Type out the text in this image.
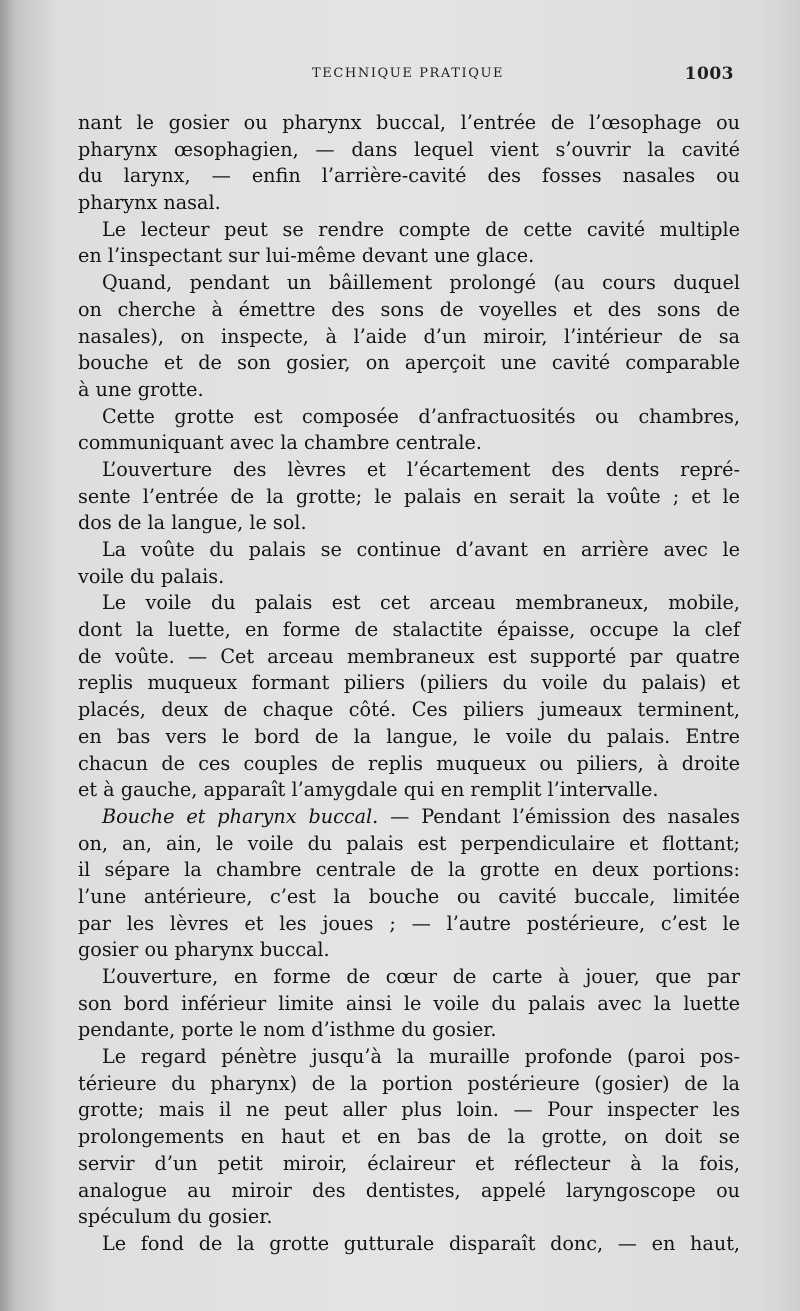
TECHNIQUE PRATIQUE	1003
nant le gosier ou pharynx buccal, l’entrée de l’œsophage ou
pharynx œsophagien, — dans lequel vient s’ouvrir la cavité
du larynx, — enfin l’arrière-cavité des fosses nasales ou
pharynx nasal.
Le lecteur peut se rendre compte de cette cavité multiple
en l’inspectant sur lui-même devant une glace.
Quand, pendant un bâillement prolongé (au cours duquel
on cherche à émettre des sons de voyelles et des sons de
nasales), on inspecte, à l’aide d’un miroir, l’intérieur de sa
bouche et de son gosier, on aperçoit une cavité comparable
à une grotte.
Cette grotte est composée d’anfractuosités ou chambres,
communiquant avec la chambre centrale.
L’ouverture des lèvres et l’écartement des dents repré-
sente l’entrée de la grotte; le palais en serait la voûte ; et le
dos de la langue, le sol.
La voûte du palais se continue d’avant en arrière avec le
voile du palais.
Le voile du palais est cet arceau membraneux, mobile,
dont la luette, en forme de stalactite épaisse, occupe la clef
de voûte. — Cet arceau membraneux est supporté par quatre
replis muqueux formant piliers (piliers du voile du palais) et
placés, deux de chaque côté. Ces piliers jumeaux terminent,
en bas vers le bord de la langue, le voile du palais. Entre
chacun de ces couples de replis muqueux ou piliers, à droite
et à gauche, apparaît l’amygdale qui en remplit l’intervalle.
Bouche et pharynx buccal. — Pendant l’émission des nasales
on, an, ain, le voile du palais est perpendiculaire et flottant;
il sépare la chambre centrale de la grotte en deux portions:
l’une antérieure, c’est la bouche ou cavité buccale, limitée
par les lèvres et les joues ; — l’autre postérieure, c’est le
gosier ou pharynx buccal.
L’ouverture, en forme de cœur de carte à jouer, que par
son bord inférieur limite ainsi le voile du palais avec la luette
pendante, porte le nom d’isthme du gosier.
Le regard pénètre jusqu’à la muraille profonde (paroi pos-
térieure du pharynx) de la portion postérieure (gosier) de la
grotte; mais il ne peut aller plus loin. — Pour inspecter les
prolongements en haut et en bas de la grotte, on doit se
servir d’un petit miroir, éclaireur et réflecteur à la fois,
analogue au miroir des dentistes, appelé laryngoscope ou
spéculum du gosier.
Le fond de la grotte gutturale disparaît donc, — en haut,
